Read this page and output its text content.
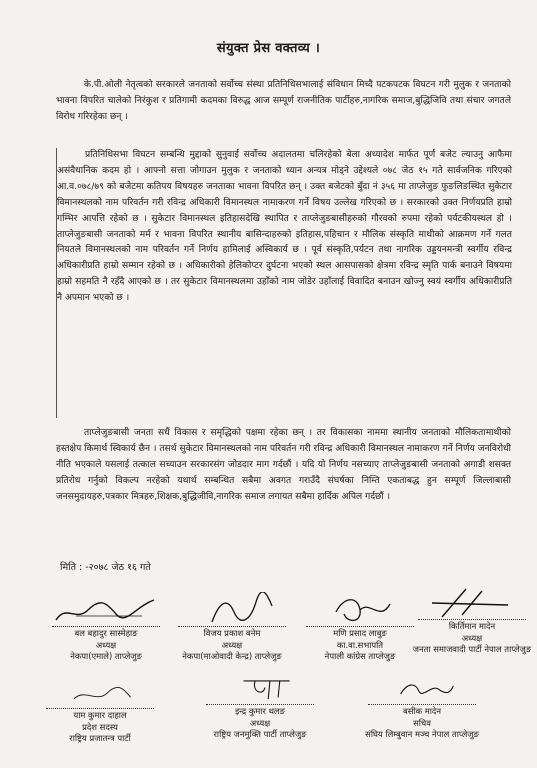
संयुक्त प्रेस वक्तव्य ।
के.पी.ओली नेतृत्वको सरकारले जनताको सर्वोच्च संस्था प्रतिनिधिसभालाई संविधान मिच्दै पटकपटक विघटन गरी मुलुक र जनताको भावना विपरित चालेको निरंकुश र प्रतिगामी कदमका विरुद्ध आज सम्पूर्ण राजनीतिक पार्टीहरु,नागरिक समाज,बुद्धिजिवि तथा संचार जगतले विरोध गरिरहेका छन् ।
प्रतिनिधिसभा विघटन सम्बन्धि मुद्दाको सुनुवाई सर्वोच्च अदालतमा चलिरहेको बेला अध्यादेश मार्फत पूर्ण बजेट ल्याउनु आफैमा असंवैधानिक कदम हो । आफ्नो सत्ता जोगाउन मुलुक र जनताको ध्यान अन्यत्र मोड्ने उद्देश्यले ०७८ जेठ १५ गते सार्वजनिक गरिएको आ.व.०७८/७९ को बजेटमा कतिपय विषयहरु जनताका भावना विपरित छन् । उक्त बजेटको बुँदा नं ३५६ मा ताप्लेजुङ फुङलिङस्थित सुकेटार विमानस्थलको नाम परिवर्तन गरी रविन्द्र अधिकारी विमानस्थल नामाकरण गर्ने विषय उल्लेख गरिएको छ । सरकारको उक्त निर्णयप्रति हाम्रो गम्भिर आपत्ति रहेको छ । सुकेटार विमानस्थल इतिहासदेखि स्थापित र ताप्लेजुङबासीहरुको गौरवको रुपमा रहेको पर्यटकीयस्थल हो । ताप्लेजुङबासी जनताको मर्म र भावना विपरित स्थानीय बासिन्दाहरुको इतिहास,पहिचान र मौलिक संस्कृति माथीको आक्रमण गर्ने गलत नियतले विमानस्थलको नाम परिवर्तन गर्ने निर्णय हामिलाई अस्विकार्य छ । पूर्व संस्कृति,पर्यटन तथा नागरिक उड्डयनमन्त्री स्वर्गीय रविन्द्र अधिकारीप्रति हाम्रो सम्मान रहेको छ । अधिकारीको हेलिकोप्टर दुर्घटना भएको स्थल आसपासको क्षेत्रमा रविन्द्र स्मृति पार्क बनाउने विषयमा हाम्रो सहमति नै रहँदै आएको छ । तर सुकेटार विमानस्थलमा उहाँको नाम जोडेर उहाँलाई विवादित बनाउन खोज्नु स्वयं स्वर्गीय अधिकारीप्रति नै अपमान भएको छ ।
ताप्लेजुङबासी जनता सधैं विकास र समृद्धिको पक्षमा रहेका छन् । तर विकासका नाममा स्थानीय जनताको मौलिकतामाथीको हस्तक्षेप किमार्थ स्विकार्य छैन । तसर्थ सुकेटार विमानस्थलको नाम परिवर्तन गरी रविन्द्र अधिकारी विमानस्थल नामाकरण गर्ने निर्णय जनविरोधी नीति भएकाले यसलाई तत्काल सच्याउन सरकारसंग जोडदार माग गर्दछौं । यदि यो निर्णय नसच्याए ताप्लेजुङबासी जनताको अगाडी शसक्त प्रतिरोध गर्नुको विकल्प नरहेको यथार्थ सम्बन्धित सबैमा अवगत गराउँदै संघर्षका निम्ति एकताबद्ध हुन सम्पूर्ण जिल्लाबासी जनसमुदायहरु,पत्रकार मित्रहरु,शिक्षक,बुद्धिजीवि,नागरिक समाज लगायत सबैमा हार्दिक अपिल गर्दछौं ।
मिति : -२०७८ जेठ १६ गते
बल बहादुर सास्मेहाङ
अध्यक्ष
नेकपा(एमाले) ताप्लेजुङ
विजय प्रकाश बनेम
अध्यक्ष
नेकपा(माओवादी केन्द्र) ताप्लेजुङ
मणि प्रसाद लाबुङ
का.वा.सभापति
नेपाली कांग्रेस ताप्लेजुङ
किर्तिमान मादेन
अध्यक्ष
जनता समाजवादी पार्टी नेपाल ताप्लेजुङ
याम कुमार दाहाल
प्रदेश सदस्य
राष्ट्रिय प्रजातन्त्र पार्टी
इन्द्र कुमार थलङ
अध्यक्ष
राष्ट्रिय जनमुक्ति पार्टी ताप्लेजुङ
बसीक मादेन
सचिव
संघिय लिम्बुवान मञ्च नेपाल ताप्लेजुङ
